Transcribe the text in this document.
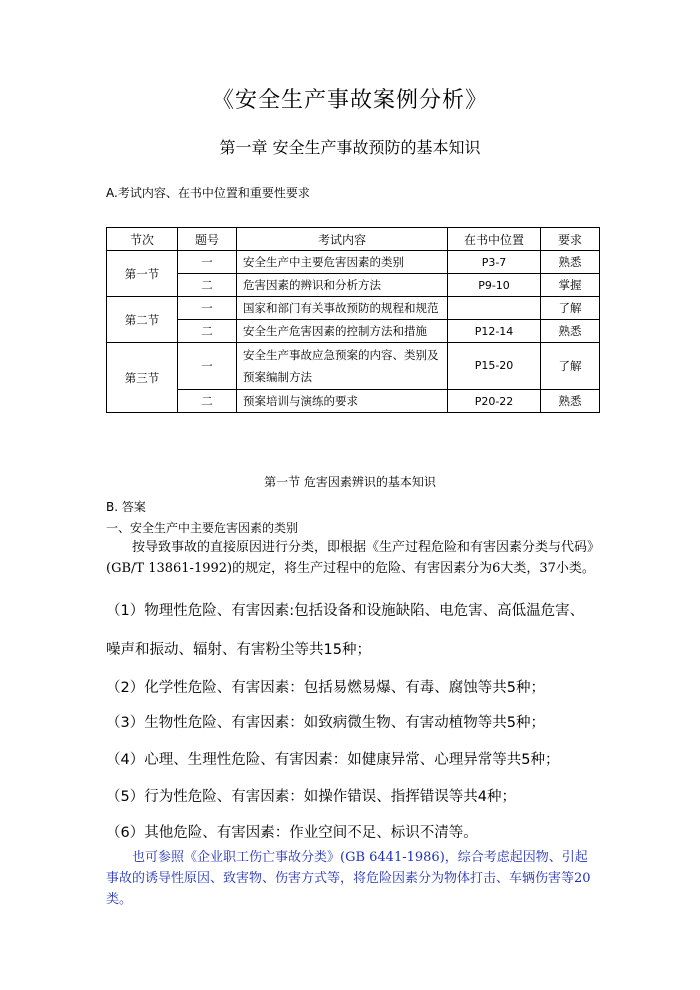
《安全生产事故案例分析》
第一章 安全生产事故预防的基本知识
A.考试内容、在书中位置和重要性要求
节次	题号	考试内容	在书中位置	要求
第一节	一	安全生产中主要危害因素的类别	P3-7	熟悉
	二	危害因素的辨识和分析方法	P9-10	掌握
第二节	一	国家和部门有关事故预防的规程和规范		了解
	二	安全生产危害因素的控制方法和措施	P12-14	熟悉
第三节	一	安全生产事故应急预案的内容、类别及预案编制方法	P15-20	了解
	二	预案培训与演练的要求	P20-22	熟悉
第一节 危害因素辨识的基本知识
B. 答案
一、安全生产中主要危害因素的类别
按导致事故的直接原因进行分类，即根据《生产过程危险和有害因素分类与代码》(GB/T 13861-1992)的规定，将生产过程中的危险、有害因素分为6大类，37小类。
（1）物理性危险、有害因素:包括设备和设施缺陷、电危害、高低温危害、
噪声和振动、辐射、有害粉尘等共15种；
（2）化学性危险、有害因素：包括易燃易爆、有毒、腐蚀等共5种；
（3）生物性危险、有害因素：如致病微生物、有害动植物等共5种；
（4）心理、生理性危险、有害因素：如健康异常、心理异常等共5种；
（5）行为性危险、有害因素：如操作错误、指挥错误等共4种；
（6）其他危险、有害因素：作业空间不足、标识不清等。
也可参照《企业职工伤亡事故分类》(GB 6441-1986)，综合考虑起因物、引起事故的诱导性原因、致害物、伤害方式等，将危险因素分为物体打击、车辆伤害等20类。
